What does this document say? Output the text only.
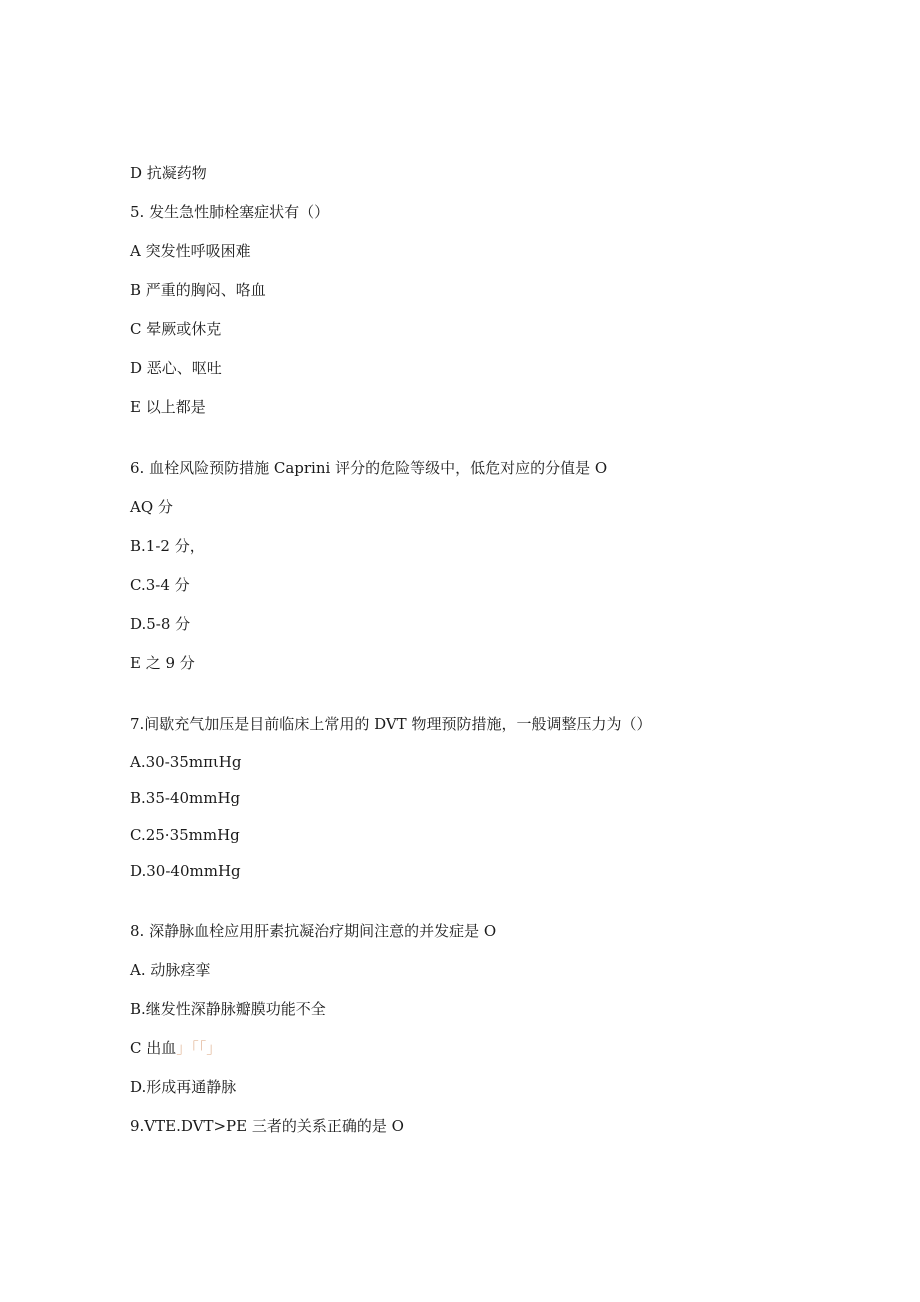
D 抗凝药物
5. 发生急性肺栓塞症状有（）
A 突发性呼吸困难
B 严重的胸闷、咯血
C 晕厥或休克
D 恶心、呕吐
E 以上都是
6. 血栓风险预防措施 Caprini 评分的危险等级中，低危对应的分值是 O
AQ 分
B.1-2 分，
C.3-4 分
D.5-8 分
E 之 9 分
7.间歇充气加压是目前临床上常用的 DVT 物理预防措施，一般调整压力为（）
A.30-35mπιHg
B.35-40mmHg
C.25·35mmHg
D.30-40mmHg
8. 深静脉血栓应用肝素抗凝治疗期间注意的并发症是 O
A. 动脉痉挛
B.继发性深静脉瓣膜功能不全
C 出血」「「」
D.形成再通静脉
9.VTE.DVT>PE 三者的关系正确的是 O
